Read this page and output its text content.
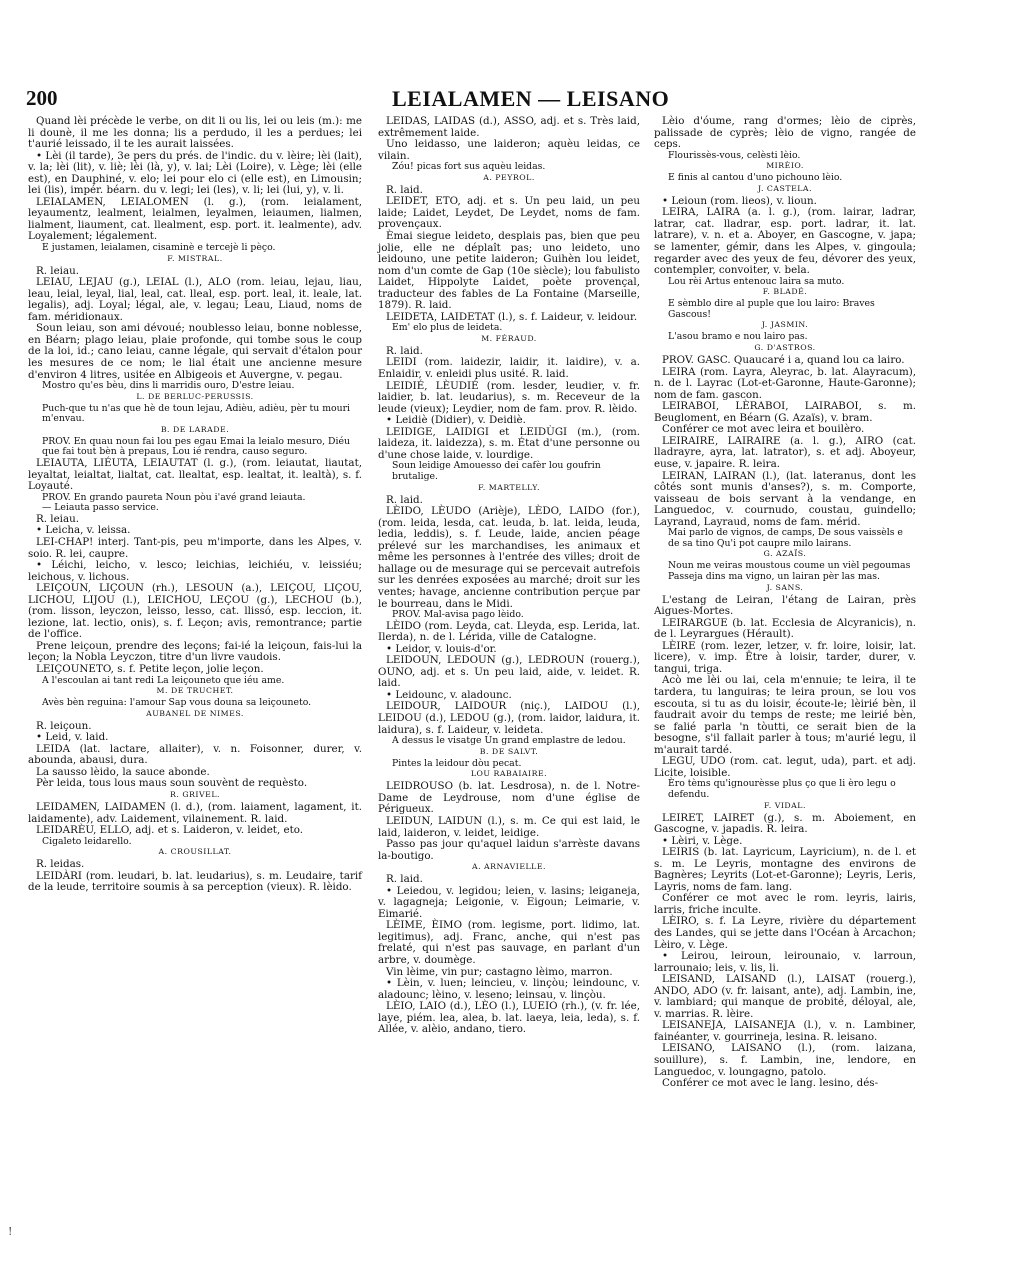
200	LEIALAMEN — LEISANO

Quand lèi précède le verbe, on dit li ou lis, lei ou leis (m.): me li dounè, il me les donna; lis a perdudo, il les a perdues; lei t'aurié leissado, il te les aurait laissées.

• Lèi (il tarde), 3e pers du prés. de l'indic. du v. lèire; lèi (lait), v. la; lèi (lit), v. liè; lèi (là, y), v. lai; Lèi (Loire), v. Lège; lèi (elle est), en Dauphiné, v. elo; lei pour elo ci (elle est), en Limousin; lei (lis), impér. béarn. du v. legi; lei (les), v. li; lei (lui, y), v. li.

LEIALAMEN, LEIALOMEN (l. g.), (rom. leialament, leyaumentz, lealment, leialmen, leyalmen, leiaumen, lialmen, lialment, liaument, cat. llealment, esp. port. it. lealmente), adv. Loyalement; légalement.

E justamen, leialamen, cisaminè e tercejè li pèço.

F. MISTRAL.

R. leiau.

LEIAU, LEJAU (g.), LEIAL (l.), ALO (rom. leiau, lejau, liau, leau, leial, leyal, lial, leal, cat. lleal, esp. port. leal, it. leale, lat. legalis), adj. Loyal; légal, ale, v. legau; Leau, Liaud, noms de fam. méridionaux.

Soun leiau, son ami dévoué; noublesso leiau, bonne noblesse, en Béarn; plago leiau, plaie profonde, qui tombe sous le coup de la loi, id.; cano leiau, canne légale, qui servait d'étalon pour les mesures de ce nom; le lial était une ancienne mesure d'environ 4 litres, usitée en Albigeois et Auvergne, v. pegau.

Mostro qu'es bèu, dins li marridis ouro, D'estre leiau.

L. DE BERLUC-PERUSSIS.

Puch-que tu n'as que hè de toun lejau, Adièu, adièu, pèr tu mouri m'envau.

B. DE LARADE.

PROV. En quau noun fai lou pes egau Emai la leialo mesuro, Diéu que fai tout bèn à prepaus, Lou ié rendra, causo seguro.

LEIAUTA, LIÉUTA, LEIAUTAT (l. g.), (rom. leiautat, liautat, leyaltat, leialtat, lialtat, cat. llealtat, esp. lealtat, it. lealtà), s. f. Loyauté.

PROV. En grando paureta Noun pòu i'avé grand leiauta.

— Leiauta passo service.

R. leiau.

• Leicha, v. leissa.

LEI-CHAP! interj. Tant-pis, peu m'importe, dans les Alpes, v. soio. R. lei, caupre.

• Léichi, leicho, v. lesco; leichias, leichiéu, v. leissiéu; leichous, v. lichous.

LEIÇOUN, LIÇOUN (rh.), LESOUN (a.), LEIÇOU, LIÇOU, LICHOU, LIJOU (l.), LEICHOU, LEÇOU (g.), LECHOU (b.), (rom. lisson, leyczon, leisso, lesso, cat. llissó, esp. leccion, it. lezione, lat. lectio, onis), s. f. Leçon; avis, remontrance; partie de l'office.

Prene leiçoun, prendre des leçons; fai-ié la leiçoun, fais-lui la leçon; la Nobla Leyczon, titre d'un livre vaudois.

LEIÇOUNETO, s. f. Petite leçon, jolie leçon.

A l'escoulan ai tant redi La leiçouneto que iéu ame.

M. DE TRUCHET.

Avès bèn reguina: l'amour Sap vous douna sa leiçouneto.

AUBANEL DE NIMES.

R. leiçoun.

• Leid, v. laid.

LEIDA (lat. lactare, allaiter), v. n. Foisonner, durer, v. abounda, abausi, dura.

La sausso lèido, la sauce abonde.

Pèr leida, tous lous maus soun souvènt de requèsto.

R. GRIVEL.

LEIDAMEN, LAIDAMEN (l. d.), (rom. laiament, lagament, it. laidamente), adv. Laidement, vilainement. R. laid.

LEIDARÈU, ELLO, adj. et s. Laideron, v. leidet, eto.

Cigaleto leidarello.

A. CROUSILLAT.

R. leidas.

LEIDÀRI (rom. leudari, b. lat. leudarius), s. m. Leudaire, tarif de la leude, territoire soumis à sa perception (vieux). R. lèido.

LEIDAS, LAIDAS (d.), ASSO, adj. et s. Très laid, extrêmement laide.

Uno leidasso, une laideron; aquèu leidas, ce vilain.

Zóu! picas fort sus aquèu leidas.

A. PEYROL.

R. laid.

LEIDET, ETO, adj. et s. Un peu laid, un peu laide; Laidet, Leydet, De Leydet, noms de fam. provençaux.

Èmai siegue leideto, desplais pas, bien que peu jolie, elle ne déplaît pas; uno leideto, uno leidouno, une petite laideron; Guihèn lou leidet, nom d'un comte de Gap (10e siècle); lou fabulisto Laidet, Hippolyte Laidet, poète provençal, traducteur des fables de La Fontaine (Marseille, 1879). R. laid.

LEIDETA, LAIDETAT (l.), s. f. Laideur, v. leidour.

Em' elo plus de leideta.

M. FÉRAUD.

R. laid.

LEIDI (rom. laidezir, laidir, it. laidire), v. a. Enlaidir, v. enleidi plus usité. R. laid.

LEIDIÉ, LÈUDIÉ (rom. lesder, leudier, v. fr. laidier, b. lat. leudarius), s. m. Receveur de la leude (vieux); Leydier, nom de fam. prov. R. lèido.

• Leidiè (Didier), v. Deidiè.

LEIDIGE, LAIDIGI et LEIDÙGI (m.), (rom. laideza, it. laidezza), s. m. État d'une personne ou d'une chose laide, v. lourdige.

Soun leidige Amouesso dei cafèr lou goufrin brutalige.

F. MARTELLY.

R. laid.

LÈIDO, LÈUDO (Arièje), LÈDO, LAIDO (for.), (rom. leida, lesda, cat. leuda, b. lat. leida, leuda, ledia, leddis), s. f. Leude, laide, ancien péage prélevé sur les marchandises, les animaux et même les personnes à l'entrée des villes; droit de hallage ou de mesurage qui se percevait autrefois sur les denrées exposées au marché; droit sur les ventes; havage, ancienne contribution perçue par le bourreau, dans le Midi.

PROV. Mal-avisa pago lèido.

LÈIDO (rom. Leyda, cat. Lleyda, esp. Lerida, lat. Ilerda), n. de l. Lérida, ville de Catalogne.

• Leidor, v. louis-d'or.

LEIDOUN, LEDOUN (g.), LEDROUN (rouerg.), OUNO, adj. et s. Un peu laid, aide, v. leidet. R. laid.

• Leidounc, v. aladounc.

LEIDOUR, LAIDOUR (niç.), LAIDOU (l.), LEIDOU (d.), LEDOU (g.), (rom. laidor, laidura, it. laidura), s. f. Laideur, v. leideta.

A dessus le visatge Un grand emplastre de ledou.

B. DE SALVT.

Pintes la leidour dòu pecat.

LOU RABAIAIRE.

LEIDROUSO (b. lat. Lesdrosa), n. de l. Notre-Dame de Leydrouse, nom d'une église de Périgueux.

LEIDUN, LAIDUN (l.), s. m. Ce qui est laid, le laid, laideron, v. leidet, leidige.

Passo pas jour qu'aquel laidun s'arrèste davans la-boutigo.

A. ARNAVIELLE.

R. laid.

• Leiedou, v. legidou; leien, v. lasins; leiganeja, v. lagagneja; Leigonie, v. Eigoun; Leimarie, v. Eimarié.

LÈIME, ÈIMO (rom. legisme, port. lidimo, lat. legitimus), adj. Franc, anche, qui n'est pas frelaté, qui n'est pas sauvage, en parlant d'un arbre, v. doumège.

Vin lèime, vin pur; castagno lèimo, marron.

• Lèin, v. luen; leincieu, v. linçòu; leindounc, v. aladounc; lèino, v. leseno; leinsau, v. linçòu.

LÈIO, LAIO (d.), LÈO (l.), LUEIO (rh.), (v. fr. lée, laye, piém. lea, alea, b. lat. laeya, leia, leda), s. f. Allée, v. alèio, andano, tiero.

Lèio d'óume, rang d'ormes; lèio de ciprès, palissade de cyprès; lèio de vigno, rangée de ceps.

Flourissès-vous, celèsti lèio.

MIRÈIO.

E finis al cantou d'uno pichouno lèio.

J. CASTELA.

• Leioun (rom. lieos), v. lioun.

LEIRA, LAIRA (a. l. g.), (rom. lairar, ladrar, latrar, cat. lladrar, esp. port. ladrar, it. lat. latrare), v. n. et a. Aboyer, en Gascogne, v. japa; se lamenter, gémir, dans les Alpes, v. gingoula; regarder avec des yeux de feu, dévorer des yeux, contempler, convoiter, v. bela.

Lou rèi Artus entenouc laira sa muto.

F. BLADÉ.

E sèmblo dire al puple que lou lairo: Braves Gascous!

J. JASMIN.

L'asou bramo e nou lairo pas.

G. D'ASTROS.

PROV. GASC. Quaucaré i a, quand lou ca lairo.

LEIRA (rom. Layra, Aleyrac, b. lat. Alayracum), n. de l. Layrac (Lot-et-Garonne, Haute-Garonne); nom de fam. gascon.

LEIRABOI, LÈRABOI, LAIRABOI, s. m. Beugloment, en Béarn (G. Azaïs), v. bram.

Conférer ce mot avec leira et bouilèro.

LEIRAIRE, LAIRAIRE (a. l. g.), AIRO (cat. lladrayre, ayra, lat. latrator), s. et adj. Aboyeur, euse, v. japaire. R. leira.

LEIRAN, LAIRAN (l.), (lat. lateranus, dont les côtés sont munis d'anses?), s. m. Comporte, vaisseau de bois servant à la vendange, en Languedoc, v. cournudo, coustau, guindello; Layrand, Layraud, noms de fam. mérid.

Mai parlo de vignos, de camps, De sous vaissèls e de sa tino Qu'i pot caupre milo lairans.

G. AZAÏS.

Noun me veiras moustous coume un vièl pegoumas Passeja dins ma vigno, un lairan pèr las mas.

J. SANS.

L'estang de Leiran, l'étang de Lairan, près Aigues-Mortes.

LEIRARGUE (b. lat. Ecclesia de Alcyranicis), n. de l. Leyrargues (Hérault).

LÈIRE (rom. lezer, letzer, v. fr. loire, loisir, lat. licere), v. imp. Être à loisir, tarder, durer, v. tangui, triga.

Acò me lèi ou lai, cela m'ennuie; te leira, il te tardera, tu languiras; te leira proun, se lou vos escouta, si tu as du loisir, écoute-le; lèirié bèn, il faudrait avoir du temps de reste; me leirié bèn, se falié parla 'n tòutti, ce serait bien de la besogne, s'il fallait parler à tous; m'aurié legu, il m'aurait tardé.

LEGU, UDO (rom. cat. legut, uda), part. et adj. Licite, loisible.

Èro tèms qu'ignourèsse plus ço que li èro legu o defendu.

F. VIDAL.

LEIRET, LAIRET (g.), s. m. Aboiement, en Gascogne, v. japadis. R. leira.

• Lèiri, v. Lège.

LEIRIS (b. lat. Layricum, Layricium), n. de l. et s. m. Le Leyris, montagne des environs de Bagnères; Leyrits (Lot-et-Garonne); Leyris, Leris, Layris, noms de fam. lang.

Conférer ce mot avec le rom. leyris, lairis, larris, friche inculte.

LÈIRO, s. f. La Leyre, rivière du département des Landes, qui se jette dans l'Océan à Arcachon; Lèiro, v. Lège.

• Leirou, leiroun, leirounaio, v. larroun, larrounaio; leis, v. lis, li.

LEISAND, LAISAND (l.), LAISAT (rouerg.), ANDO, ADO (v. fr. laisant, ante), adj. Lambin, ine, v. lambiard; qui manque de probité, déloyal, ale, v. marrias. R. lèire.

LEISANEJA, LAISANEJA (l.), v. n. Lambiner, fainéanter, v. gourrineja, lesina. R. leisano.

LEISANO, LAISANO (l.), (rom. laizana, souillure), s. f. Lambin, ine, lendore, en Languedoc, v. loungagno, patolo.

Conférer ce mot avec le lang. lesino, dés-

!
